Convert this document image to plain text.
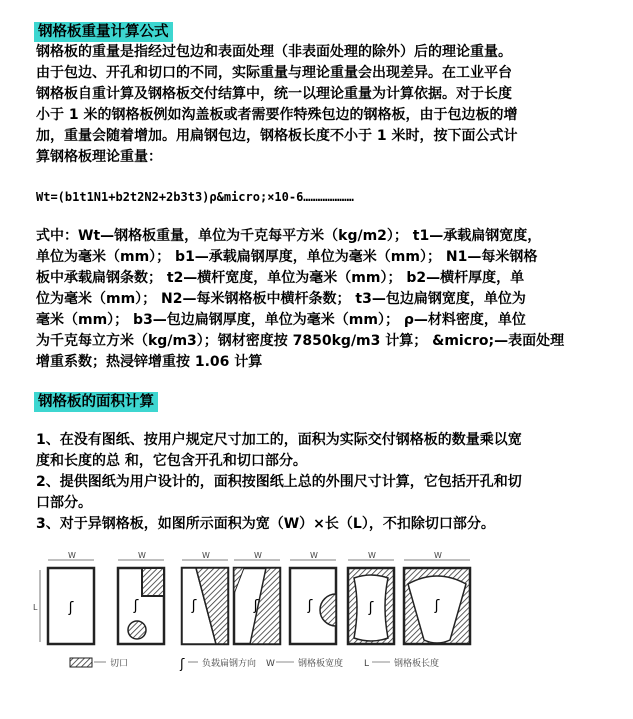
钢格板重量计算公式
钢格板的重量是指经过包边和表面处理（非表面处理的除外）后的理论重量。
由于包边、开孔和切口的不同，实际重量与理论重量会出现差异。在工业平台
钢格板自重计算及钢格板交付结算中，统一以理论重量为计算依据。对于长度
小于 1 米的钢格板例如沟盖板或者需要作特殊包边的钢格板，由于包边板的增
加，重量会随着增加。用扁钢包边，钢格板长度不小于 1 米时，按下面公式计
算钢格板理论重量：
Wt=(b1t1N1+b2t2N2+2b3t3)ρ&micro;×10-6…………………
式中：Wt—钢格板重量，单位为千克每平方米（kg/m2）； t1—承载扁钢宽度，
单位为毫米（mm）； b1—承载扁钢厚度，单位为毫米（mm）； N1—每米钢格
板中承载扁钢条数； t2—横杆宽度，单位为毫米（mm）； b2—横杆厚度，单
位为毫米（mm）； N2—每米钢格板中横杆条数； t3—包边扁钢宽度，单位为
毫米（mm）； b3—包边扁钢厚度，单位为毫米（mm）； ρ—材料密度，单位
为千克每立方米（kg/m3）；钢材密度按 7850kg/m3 计算； &micro;—表面处理
增重系数；热浸锌增重按 1.06 计算
钢格板的面积计算
1、在没有图纸、按用户规定尺寸加工的，面积为实际交付钢格板的数量乘以宽
度和长度的总 和，它包含开孔和切口部分。
2、提供图纸为用户设计的，面积按图纸上总的外围尺寸计算，它包括开孔和切
口部分。
3、对于异钢格板，如图所示面积为宽（W）×长（L），不扣除切口部分。
W
L ʃ
W
ʃ
W
ʃ
W
ʃ
W
ʃ
W
ʃ
W
ʃ
切口	ʃ 负载扁钢方向 W	钢格板宽度 L	钢格板长度
